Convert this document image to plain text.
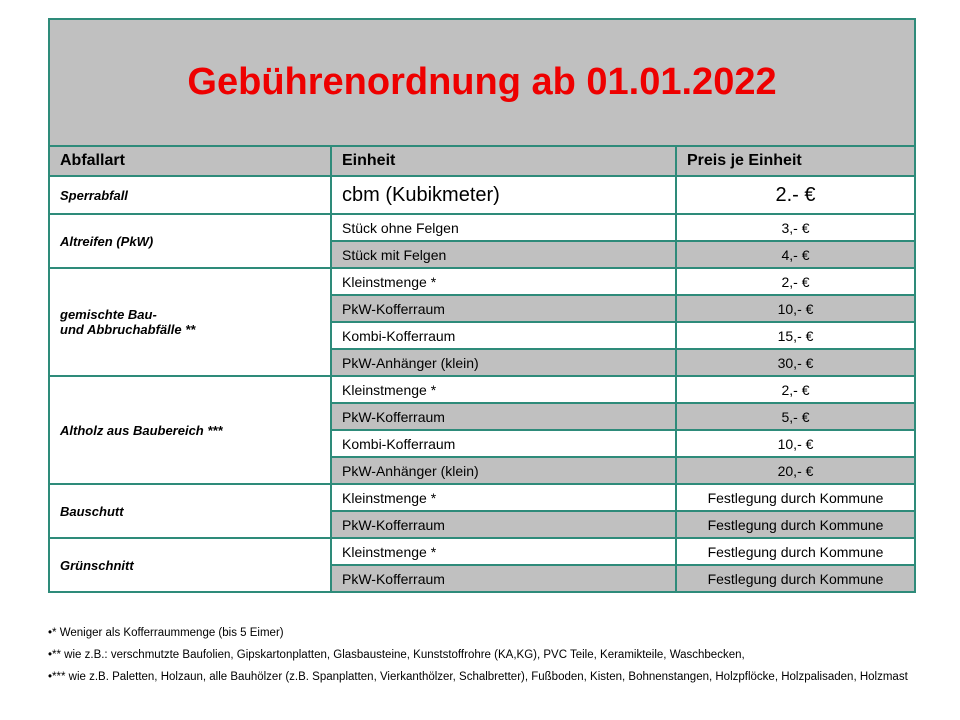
Gebührenordnung ab 01.01.2022		
Abfallart	Einheit	Preis je Einheit
Sperrabfall	cbm (Kubikmeter)	2.- €
Altreifen (PkW)	Stück ohne Felgen	3,- €
	Stück mit Felgen	4,- €
gemischte Bau-
und Abbruchabfälle **	Kleinstmenge *	2,- €
	PkW-Kofferraum	10,- €
	Kombi-Kofferraum	15,- €
	PkW-Anhänger (klein)	30,- €
Altholz aus Baubereich ***	Kleinstmenge *	2,- €
	PkW-Kofferraum	5,- €
	Kombi-Kofferraum	10,- €
	PkW-Anhänger (klein)	20,- €
Bauschutt	Kleinstmenge *	Festlegung durch Kommune
	PkW-Kofferraum	Festlegung durch Kommune
Grünschnitt	Kleinstmenge *	Festlegung durch Kommune
	PkW-Kofferraum	Festlegung durch Kommune

•* Weniger als Kofferraummenge (bis 5 Eimer)

•** wie z.B.: verschmutzte Baufolien, Gipskartonplatten, Glasbausteine, Kunststoffrohre (KA,KG), PVC Teile, Keramikteile, Waschbecken,

•*** wie z.B. Paletten, Holzaun, alle Bauhölzer (z.B. Spanplatten, Vierkanthölzer, Schalbretter), Fußboden, Kisten, Bohnenstangen, Holzpflöcke, Holzpalisaden, Holzmast
